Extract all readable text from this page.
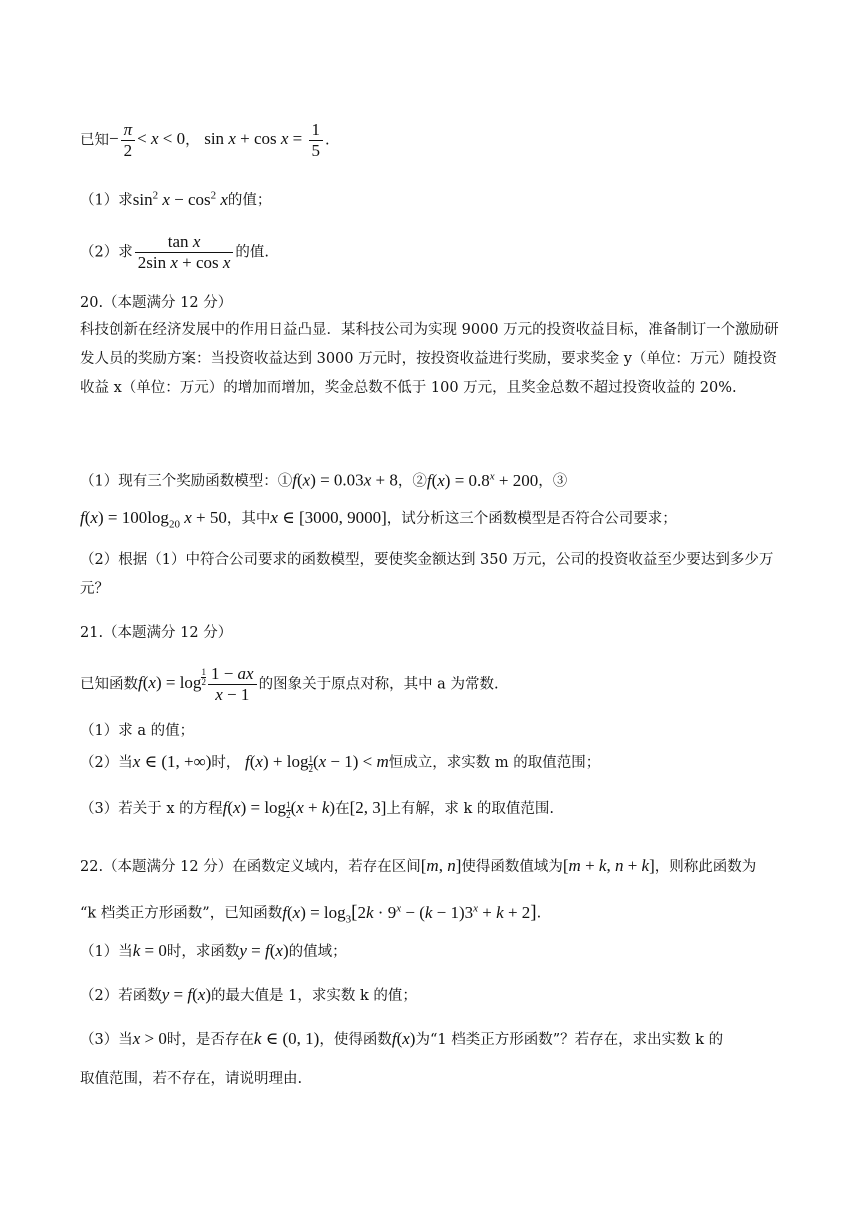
已知− $\frac{\pi}{2} < x < 0$， $\sin x + \cos x = \frac{1}{5}$ .
（1）求$\sin^2 x - \cos^2 x$的值；
（2）求 $\frac{\text{tan x}}{\text{2sin x + cos x}}$ 的值.
20.（本题满分 12 分）
科技创新在经济发展中的作用日益凸显．某科技公司为实现 9000 万元的投资收益目标，准备制订一个激励研发人员的奖励方案：当投资收益达到 3000 万元时，按投资收益进行奖励，要求奖金 y（单位：万元）随投资收益 x（单位：万元）的增加而增加，奖金总数不低于 100 万元，且奖金总数不超过投资收益的 20%.
（1）现有三个奖励函数模型：①f(x) = 0.03x + 8，②f(x) = $0.8^x + 200$，③
$f(x) = 100\log_{20}$ x + 50，其中x ∈ [3000, 9000]，试分析这三个函数模型是否符合公司要求；
（2）根据（1）中符合公司要求的函数模型，要使奖金额达到 350 万元，公司的投资收益至少要达到多少万元？
21.（本题满分 12 分）
已知函数$f(x) = \log _{\frac{1}{2}} \frac{1 - ax}{x - 1}$ 的图象关于原点对称，其中 a 为常数.
（1）求 a 的值；
（2）当x ∈ (1, +∞)时， f(x) + log $_{\frac{1}{2}}$ (x − 1) < m恒成立，求实数 m 的取值范围；
（3）若关于 x 的方程f(x) = log $_{\frac{1}{2}}$ (x + k)在[2, 3]上有解，求 k 的取值范围.
22.（本题满分 12 分）在函数定义域内，若存在区间[m, n]使得函数值域为[m + k, n + k]，则称此函数为
“k 档类正方形函数”，已知函数$f(x) = \log_3[2k \cdot 9^x - (k - 1)3^x + k + 2]$.
（1）当k = 0时，求函数y = f(x)的值域；
（2）若函数y = f(x)的最大值是 1，求实数 k 的值；
（3）当x > 0时，是否存在k ∈ (0, 1)，使得函数f(x)为“1 档类正方形函数”？若存在，求出实数 k 的
取值范围，若不存在，请说明理由.
